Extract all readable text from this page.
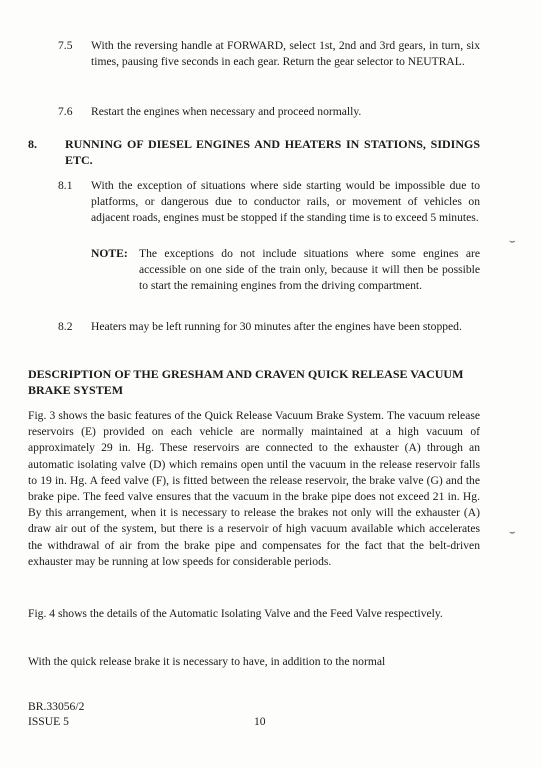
7.5 With the reversing handle at FORWARD, select 1st, 2nd and 3rd gears, in turn, six times, pausing five seconds in each gear. Return the gear selector to NEUTRAL.
7.6 Restart the engines when necessary and proceed normally.
8. RUNNING OF DIESEL ENGINES AND HEATERS IN STATIONS, SIDINGS ETC.
8.1 With the exception of situations where side starting would be impossible due to platforms, or dangerous due to conductor rails, or movement of vehicles on adjacent roads, engines must be stopped if the standing time is to exceed 5 minutes.
NOTE: The exceptions do not include situations where some engines are accessible on one side of the train only, because it will then be possible to start the remaining engines from the driving compartment.
8.2 Heaters may be left running for 30 minutes after the engines have been stopped.
DESCRIPTION OF THE GRESHAM AND CRAVEN QUICK RELEASE VACUUM BRAKE SYSTEM
Fig. 3 shows the basic features of the Quick Release Vacuum Brake System. The vacuum release reservoirs (E) provided on each vehicle are normally maintained at a high vacuum of approximately 29 in. Hg. These reservoirs are connected to the exhauster (A) through an automatic isolating valve (D) which remains open until the vacuum in the release reservoir falls to 19 in. Hg. A feed valve (F), is fitted between the release reservoir, the brake valve (G) and the brake pipe. The feed valve ensures that the vacuum in the brake pipe does not exceed 21 in. Hg. By this arrangement, when it is necessary to release the brakes not only will the exhauster (A) draw air out of the system, but there is a reservoir of high vacuum available which accelerates the withdrawal of air from the brake pipe and compensates for the fact that the belt-driven exhauster may be running at low speeds for considerable periods.
Fig. 4 shows the details of the Automatic Isolating Valve and the Feed Valve respectively.
With the quick release brake it is necessary to have, in addition to the normal
BR.33056/2
ISSUE 5	10
⌣
⌣
